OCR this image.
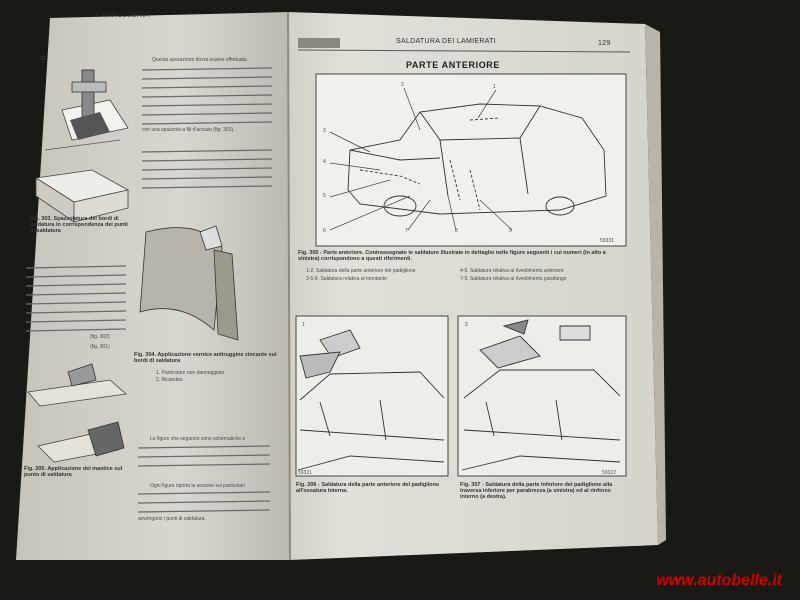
CARROZZERIA
12	Questa operazione dovrà essere effettuata
con una spazzola a fili d'acciaio (fig. 303).
Fig. 303. Spazzolatura dei bordi di saldatura in corrispondenza dei punti di saldatura
(fig. 302)
(fig. 301)
Fig. 304. Applicazione vernice antiruggine zincante sui bordi di saldatura
1. Particolare non danneggiato.
2. Ricambio.
Le figure che seguono sono schematiche e
Ogni figura riporta la sezione sui particolari
avvengono i punti di saldatura.
Fig. 305. Applicazione del mastice sul punto di saldatura
SALDATURA DEI LAMIERATI	129
PARTE ANTERIORE
1
2
3
4
5
6	7	8	9
59331
Fig. 305 - Parte anteriore. Contrassegnate le saldature illustrate in dettaglio nelle figure seguenti i cui numeri (in alto a sinistra) corrispondono a questi riferimenti.
1-2. Saldatura della parte anteriore del padiglione
3-5-8. Saldatura relativa al montante
4-6. Saldatura relativa al rivestimento anteriore
7-9. Saldatura relativa al rivestimento parafango
1	2
59321	59322
Fig. 306 - Saldatura della parte anteriore del padiglione all'ossatura interna.
Fig. 307 - Saldatura della parte inferiore del padiglione alla traversa inferiore per parabrezza (a sinistra) ed al rinforzo interno (a destra).
www.autobelle.it
